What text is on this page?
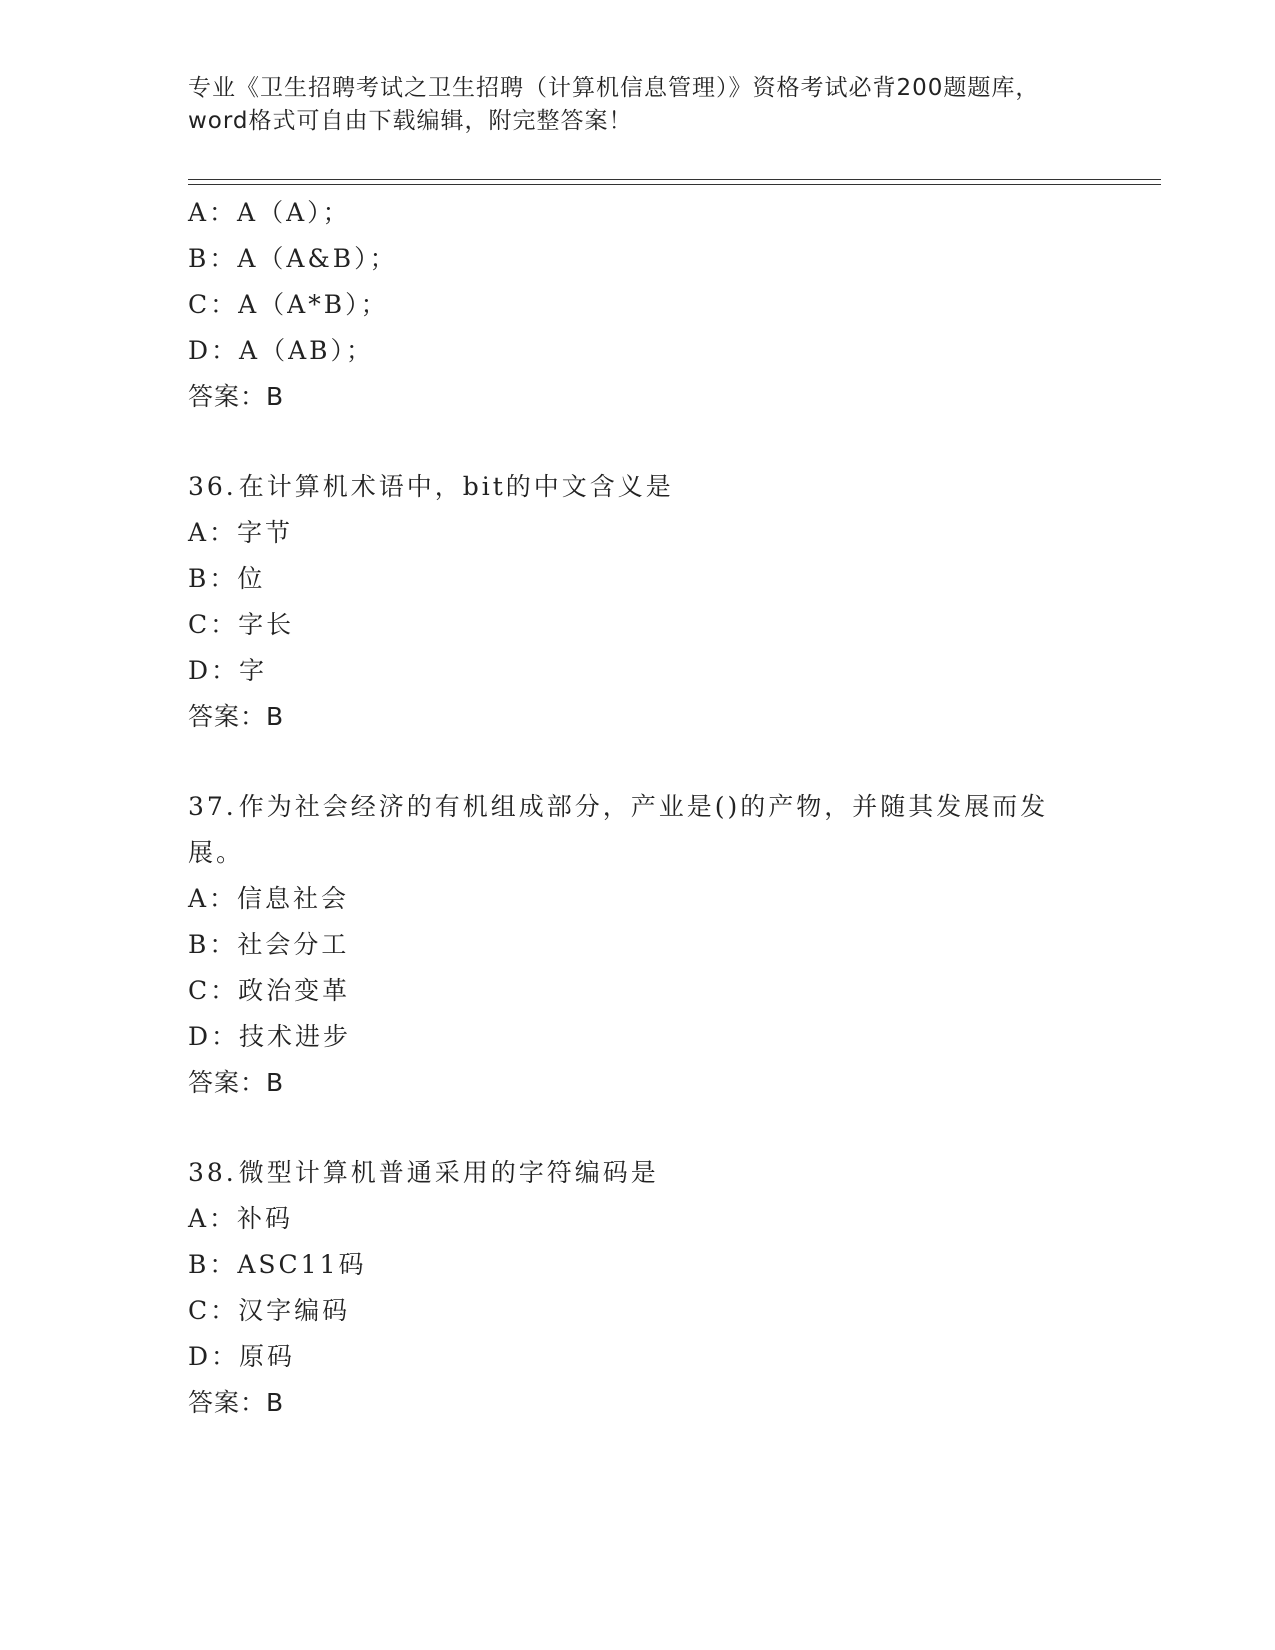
专业《卫生招聘考试之卫生招聘（计算机信息管理）》资格考试必背200题题库，
word格式可自由下载编辑，附完整答案！
A：A（A）；
B：A（A&B）；
C：A（A*B）；
D：A（AB）；
答案：B
36.在计算机术语中，bit的中文含义是
A：字节
B：位
C：字长
D：字
答案：B
37.作为社会经济的有机组成部分，产业是()的产物，并随其发展而发
展。
A：信息社会
B：社会分工
C：政治变革
D：技术进步
答案：B
38.微型计算机普通采用的字符编码是
A：补码
B：ASC11码
C：汉字编码
D：原码
答案：B
